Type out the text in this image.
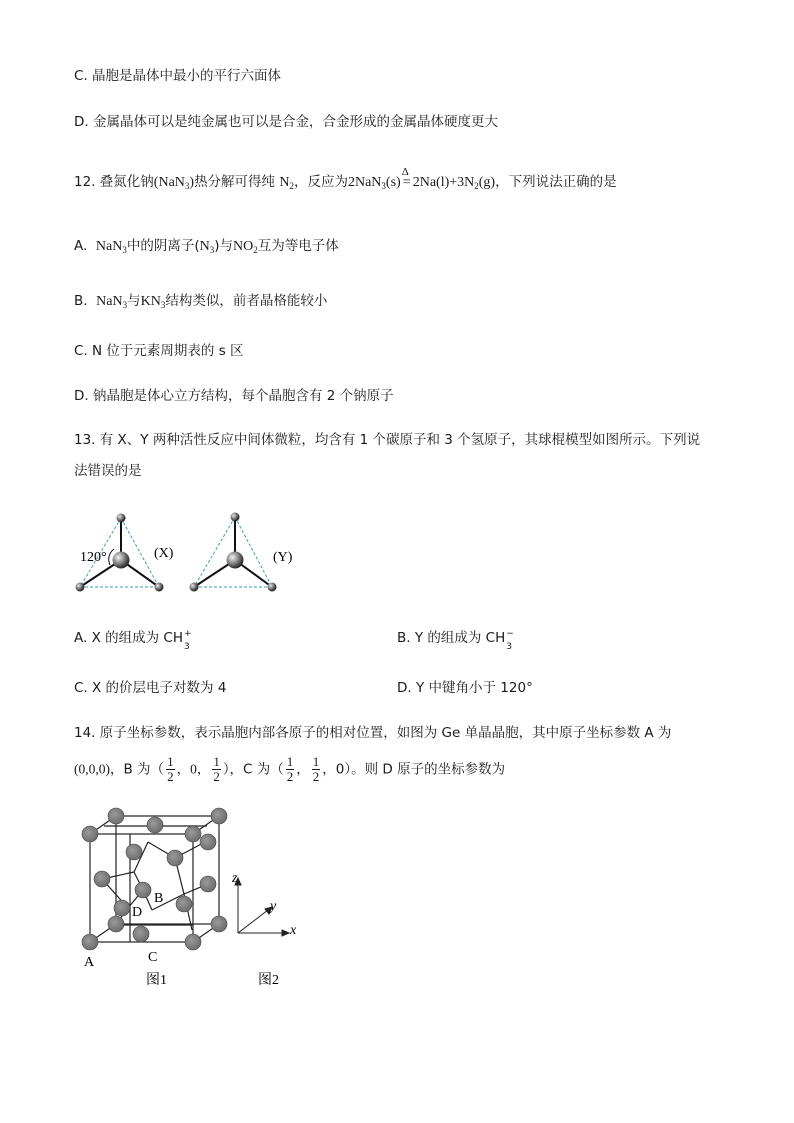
C. 晶胞是晶体中最小的平行六面体
D. 金属晶体可以是纯金属也可以是合金，合金形成的金属晶体硬度更大
12. 叠氮化钠(NaN$_3$)热分解可得纯 $N_2$，反应为2NaN$_3$(s)
Δ
= $2Na(l)+3N_2(g)$，下列说法正确的是
A. NaN$_3$中的阴离子$(N_3)$与$NO_2$互为等电子体
B. NaN$_3$与$KN_3$结构类似，前者晶格能较小
C. N 位于元素周期表的 s 区
D. 钠晶胞是体心立方结构，每个晶胞含有 2 个钠原子
13. 有 X、Y 两种活性反应中间体微粒，均含有 1 个碳原子和 3 个氢原子，其球棍模型如图所示。下列说
法错误的是
120°	(X)	(Y)
A. X 的组成为 CH +
3
B. Y 的组成为 CH −
3
C. X 的价层电子对数为 4	D. Y 中键角小于 120°
14. 原子坐标参数，表示晶胞内部各原子的相对位置，如图为 Ge 单晶晶胞，其中原子坐标参数 A 为
(0,0,0)，B 为（ $\frac{1}{2}$ ，0， $\frac{1}{2}$ ），C 为（ $\frac{1}{2}$ ， $\frac{1}{2}$ ，0）。则 D 原子的坐标参数为
A
B
C
D
图1
z
y
x
图2
